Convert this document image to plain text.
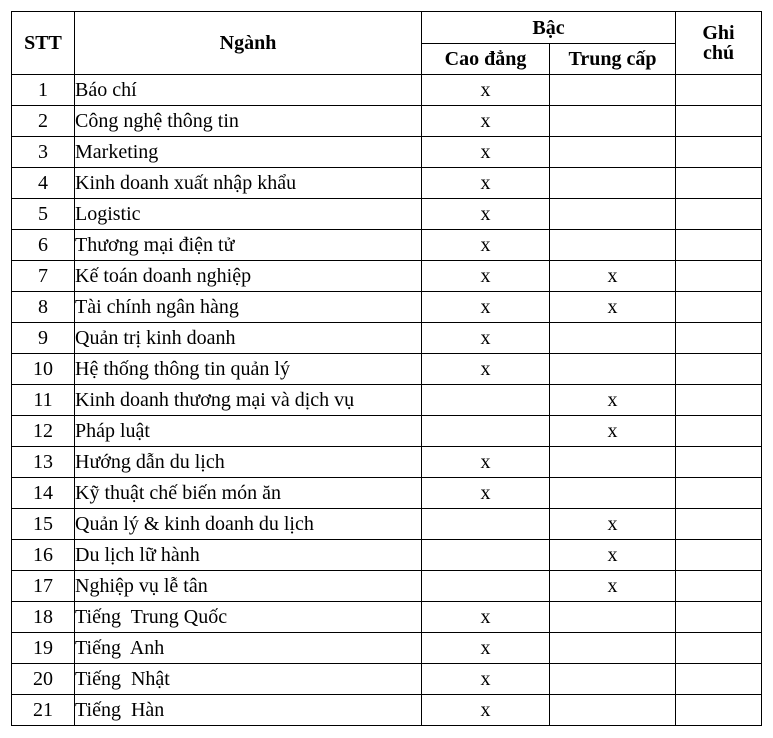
STT	Ngành	Bậc		Ghi
chú

		Cao đẳng	Trung cấp	
1	Báo chí	x		
2	Công nghệ thông tin	x		
3	Marketing	x		
4	Kinh doanh xuất nhập khẩu	x		
5	Logistic	x		
6	Thương mại điện tử	x		
7	Kế toán doanh nghiệp	x	x	
8	Tài chính ngân hàng	x	x	
9	Quản trị kinh doanh	x		
10	Hệ thống thông tin quản lý	x		
11	Kinh doanh thương mại và dịch vụ		x	
12	Pháp luật		x	
13	Hướng dẫn du lịch	x		
14	Kỹ thuật chế biến món ăn	x		
15	Quản lý & kinh doanh du lịch		x	
16	Du lịch lữ hành		x	
17	Nghiệp vụ lễ tân		x	
18	Tiếng  Trung Quốc	x		
19	Tiếng  Anh	x		
20	Tiếng  Nhật	x		
21	Tiếng  Hàn	x		
